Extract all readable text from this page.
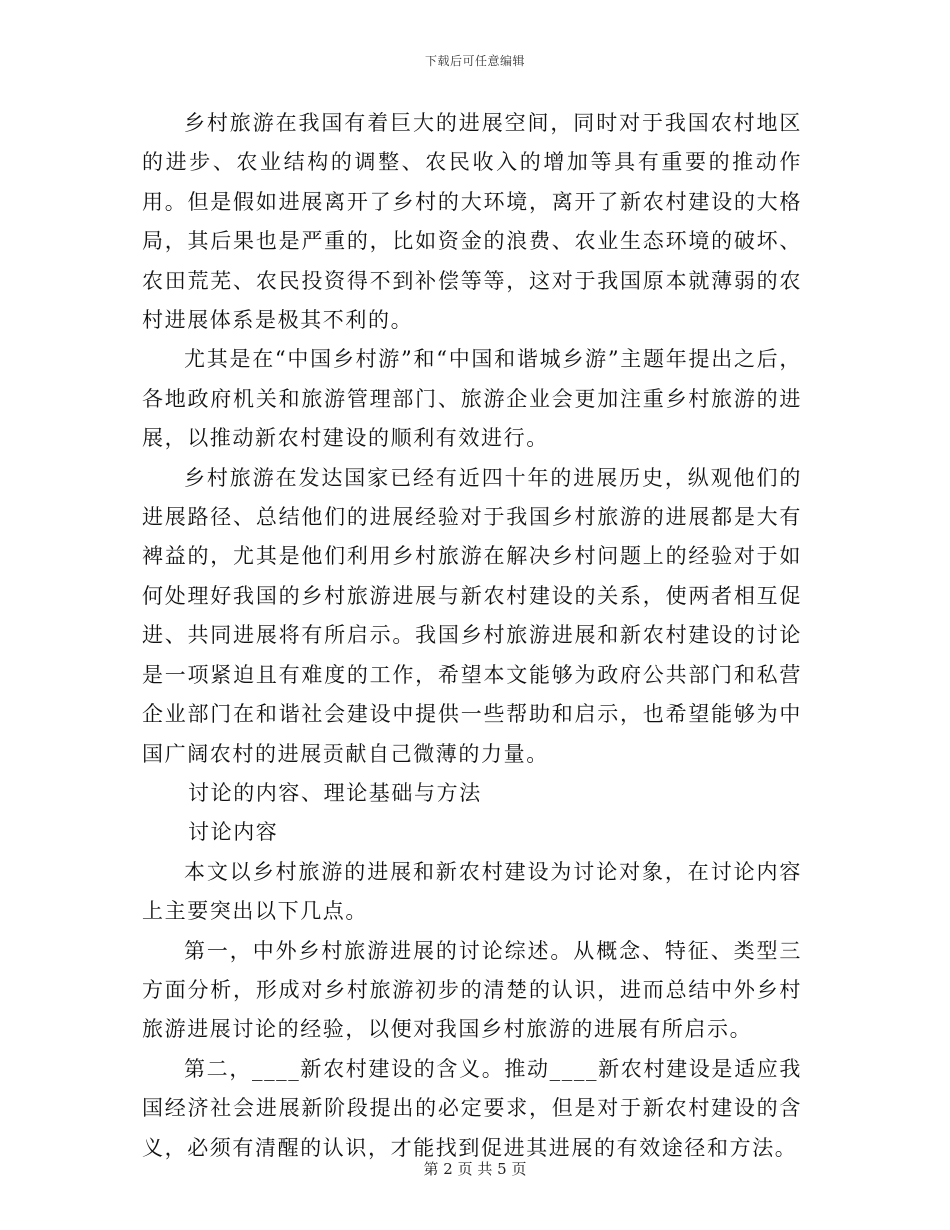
下载后可任意编辑

乡村旅游在我国有着巨大的进展空间，同时对于我国农村地区的进步、农业结构的调整、农民收入的增加等具有重要的推动作用。但是假如进展离开了乡村的大环境，离开了新农村建设的大格局，其后果也是严重的，比如资金的浪费、农业生态环境的破坏、农田荒芜、农民投资得不到补偿等等，这对于我国原本就薄弱的农村进展体系是极其不利的。

尤其是在“中国乡村游”和“中国和谐城乡游”主题年提出之后，各地政府机关和旅游管理部门、旅游企业会更加注重乡村旅游的进展，以推动新农村建设的顺利有效进行。

乡村旅游在发达国家已经有近四十年的进展历史，纵观他们的进展路径、总结他们的进展经验对于我国乡村旅游的进展都是大有裨益的，尤其是他们利用乡村旅游在解决乡村问题上的经验对于如何处理好我国的乡村旅游进展与新农村建设的关系，使两者相互促进、共同进展将有所启示。我国乡村旅游进展和新农村建设的讨论是一项紧迫且有难度的工作，希望本文能够为政府公共部门和私营企业部门在和谐社会建设中提供一些帮助和启示，也希望能够为中国广阔农村的进展贡献自己微薄的力量。

讨论的内容、理论基础与方法

讨论内容

本文以乡村旅游的进展和新农村建设为讨论对象，在讨论内容上主要突出以下几点。

第一，中外乡村旅游进展的讨论综述。从概念、特征、类型三方面分析，形成对乡村旅游初步的清楚的认识，进而总结中外乡村旅游进展讨论的经验，以便对我国乡村旅游的进展有所启示。

第二，____新农村建设的含义。推动____新农村建设是适应我国经济社会进展新阶段提出的必定要求，但是对于新农村建设的含义，必须有清醒的认识，才能找到促进其进展的有效途径和方法。

第 2 页 共 5 页
